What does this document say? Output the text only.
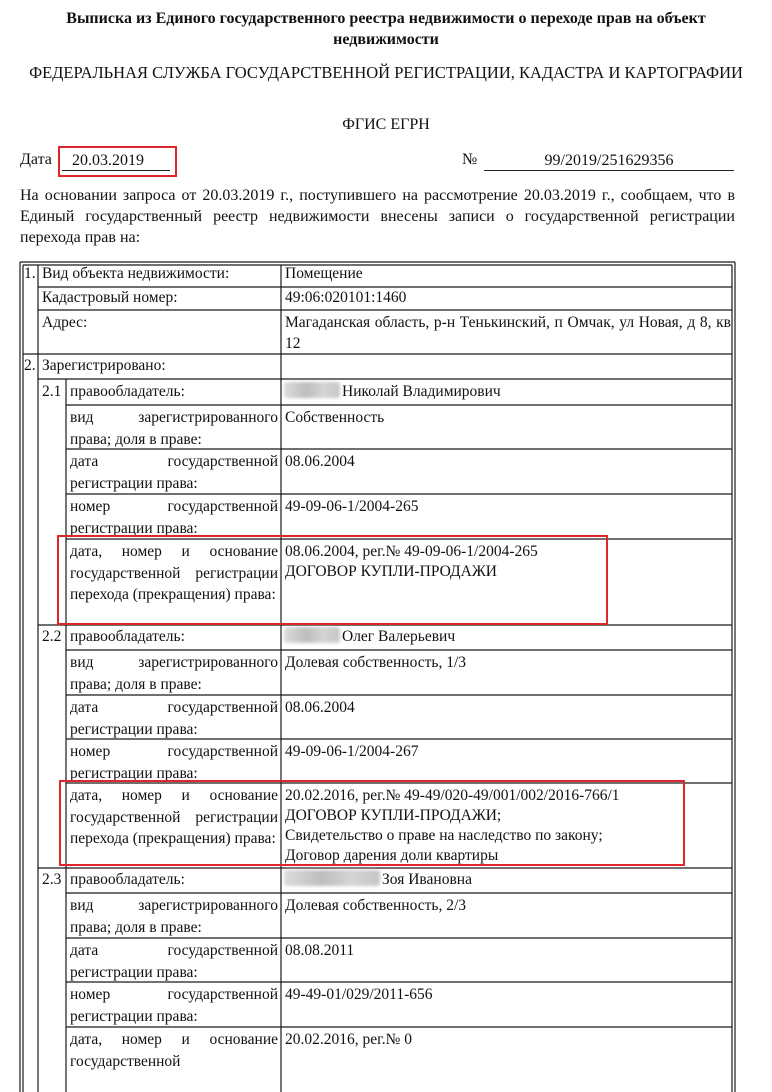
Выписка из Единого государственного реестра недвижимости о переходе прав на объект недвижимости
ФЕДЕРАЛЬНАЯ СЛУЖБА ГОСУДАРСТВЕННОЙ РЕГИСТРАЦИИ, КАДАСТРА И КАРТОГРАФИИ
ФГИС ЕГРН
Дата	20.03.2019	№	99/2019/251629356
На основании запроса от 20.03.2019 г., поступившего на рассмотрение 20.03.2019 г., сообщаем, что в Единый государственный реестр недвижимости внесены записи о государственной регистрации перехода прав на:
1. Вид объекта недвижимости:	Помещение
Кадастровый номер:	49:06:020101:1460
Адрес:	Магаданская область, р-н Тенькинский, п Омчак, ул Новая, д 8, кв 12
2. Зарегистрировано:
2.1 правообладатель:	Николай Владимирович
вид зарегистрированного права; доля в праве:
Собственность
дата государственной регистрации права:
08.06.2004
номер государственной регистрации права:
49-09-06-1/2004-265
дата, номер и основание государственной регистрации перехода (прекращения) права:
08.06.2004, рег.№ 49-09-06-1/2004-265
ДОГОВОР КУПЛИ-ПРОДАЖИ
2.2 правообладатель:	Олег Валерьевич
вид зарегистрированного права; доля в праве:
Долевая собственность, 1/3
дата государственной регистрации права:
08.06.2004
номер государственной регистрации права:
49-09-06-1/2004-267
дата, номер и основание государственной регистрации перехода (прекращения) права:
20.02.2016, рег.№ 49-49/020-49/001/002/2016-766/1
ДОГОВОР КУПЛИ-ПРОДАЖИ;
Свидетельство о праве на наследство по закону;
Договор дарения доли квартиры
2.3 правообладатель:	Зоя Ивановна
вид зарегистрированного права; доля в праве:
Долевая собственность, 2/3
дата государственной регистрации права:
08.08.2011
номер государственной регистрации права:
49-49-01/029/2011-656
дата, номер и основание государственной
20.02.2016, рег.№ 0
